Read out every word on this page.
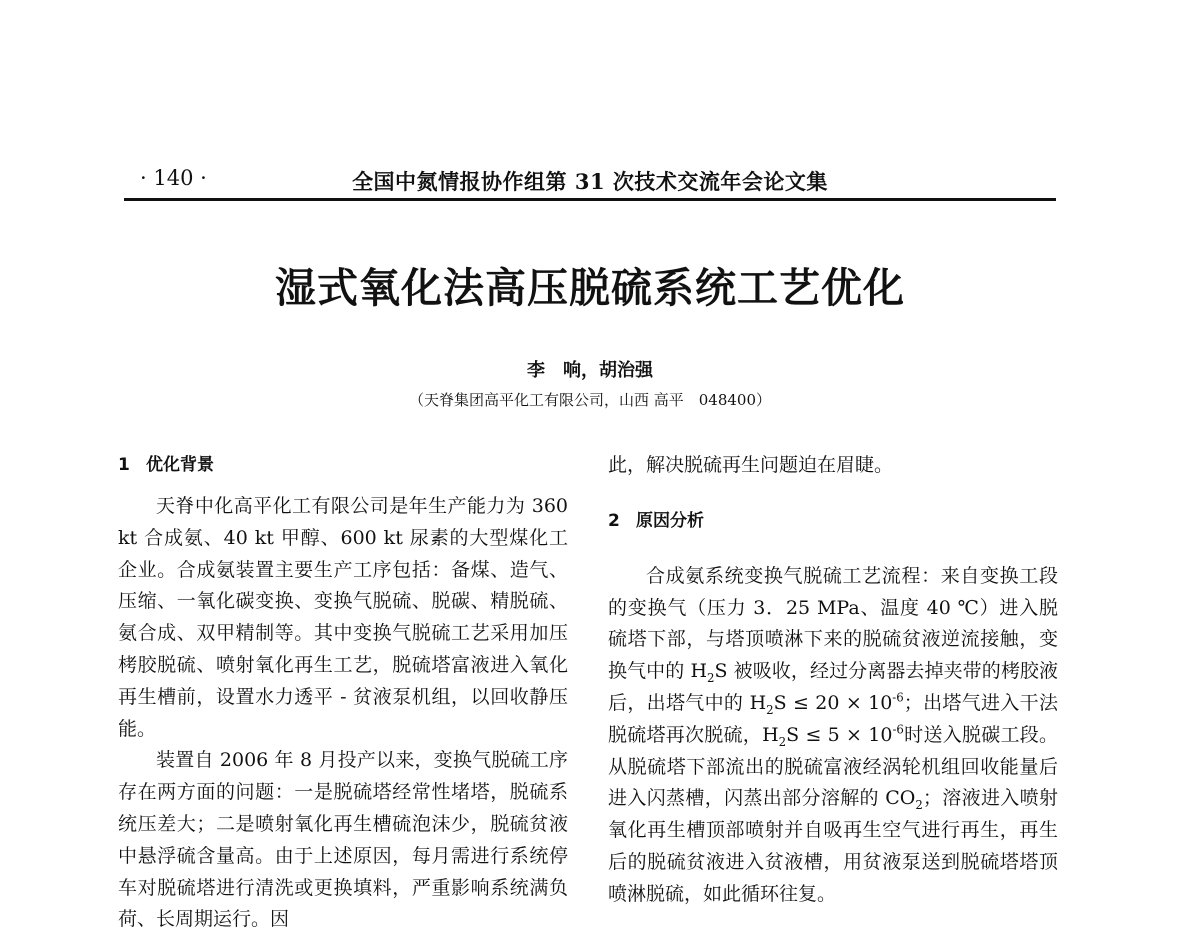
· 140 ·	全国中氮情报协作组第 31 次技术交流年会论文集
湿式氧化法高压脱硫系统工艺优化
李　响，胡治强
（天脊集团高平化工有限公司，山西 高平　048400）
1 优化背景

天脊中化高平化工有限公司是年生产能力为 360 kt 合成氨、40 kt 甲醇、600 kt 尿素的大型煤化工企业。合成氨装置主要生产工序包括：备煤、造气、压缩、一氧化碳变换、变换气脱硫、脱碳、精脱硫、氨合成、双甲精制等。其中变换气脱硫工艺采用加压栲胶脱硫、喷射氧化再生工艺，脱硫塔富液进入氧化再生槽前，设置水力透平 - 贫液泵机组，以回收静压能。

装置自 2006 年 8 月投产以来，变换气脱硫工序存在两方面的问题：一是脱硫塔经常性堵塔，脱硫系统压差大；二是喷射氧化再生槽硫泡沫少，脱硫贫液中悬浮硫含量高。由于上述原因，每月需进行系统停车对脱硫塔进行清洗或更换填料，严重影响系统满负荷、长周期运行。因

此，解决脱硫再生问题迫在眉睫。

2 原因分析

合成氨系统变换气脱硫工艺流程：来自变换工段的变换气（压力 3．25 MPa、温度 40 ℃）进入脱硫塔下部，与塔顶喷淋下来的脱硫贫液逆流接触，变换气中的 $H_2S$ 被吸收，经过分离器去掉夹带的栲胶液后，出塔气中的 $H_2S \le 20 \times 10^{-6}$；出塔气进入干法脱硫塔再次脱硫，$H_2S \le 5 \times 10^{-6}$时送入脱碳工段。从脱硫塔下部流出的脱硫富液经涡轮机组回收能量后进入闪蒸槽，闪蒸出部分溶解的 $CO_2$；溶液进入喷射氧化再生槽顶部喷射并自吸再生空气进行再生，再生后的脱硫贫液进入贫液槽，用贫液泵送到脱硫塔塔顶喷淋脱硫，如此循环往复。
